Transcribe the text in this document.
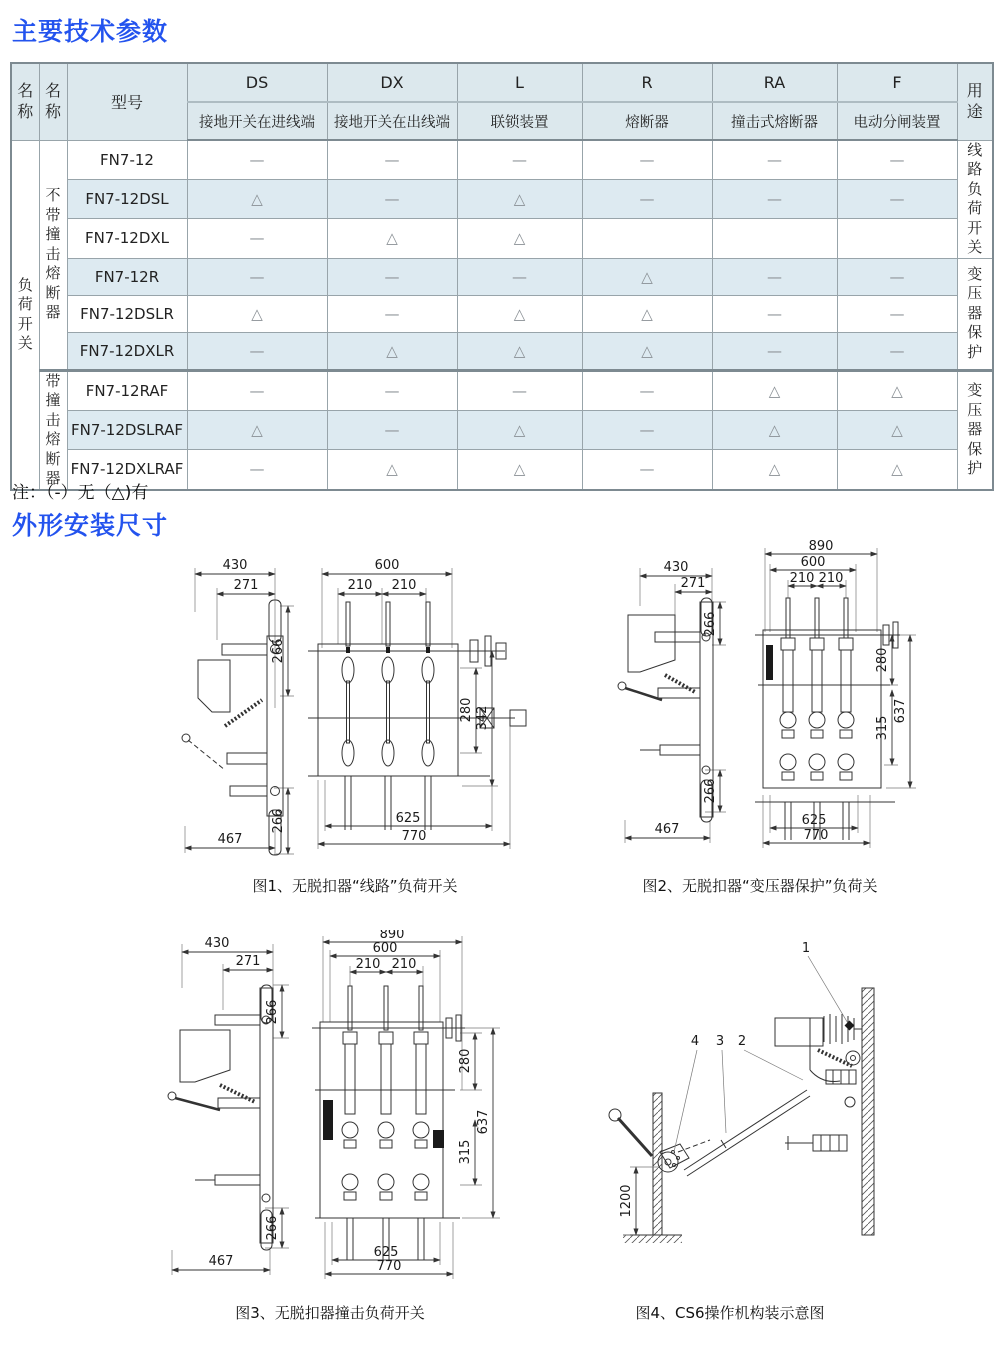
主要技术参数
名称	名称	型号	DS	DX	L	R	RA	F	用途
			接地开关在进线端	接地开关在出线端	联锁装置	熔断器	撞击式熔断器	电动分闸装置	
负荷开关	不带撞击熔断器	FN7-12	—	—	—	—	—	—	线路负荷开关
		FN7-12DSL	△	—	△	—	—	—	
		FN7-12DXL	—	△	△				
		FN7-12R	—	—	—	△	—	—	变压器保护
		FN7-12DSLR	△	—	△	△	—	—	
		FN7-12DXLR	—	△	△	△	—	—	
	带撞击熔断器	FN7-12RAF	—	—	—	—	△	△	变压器保护
		FN7-12DSLRAF	△	—	△	—	△	△	
		FN7-12DXLRAF	—	△	△	—	△	△	
注：（-）无（△)有
外形安装尺寸
430
271
600
210 210
266
280 342
266	625
770
467
图1、无脱扣器“线路”负荷开关
430
271
890
600
210 210
266
280
637
315
266
625
770
467
图2、无脱扣器“变压器保护”负荷关
430
271
890
600
210 210
266
280
637
315
266
625
770
467
图3、无脱扣器撞击负荷开关
1
4 3 2
1200
图4、CS6操作机构装示意图
